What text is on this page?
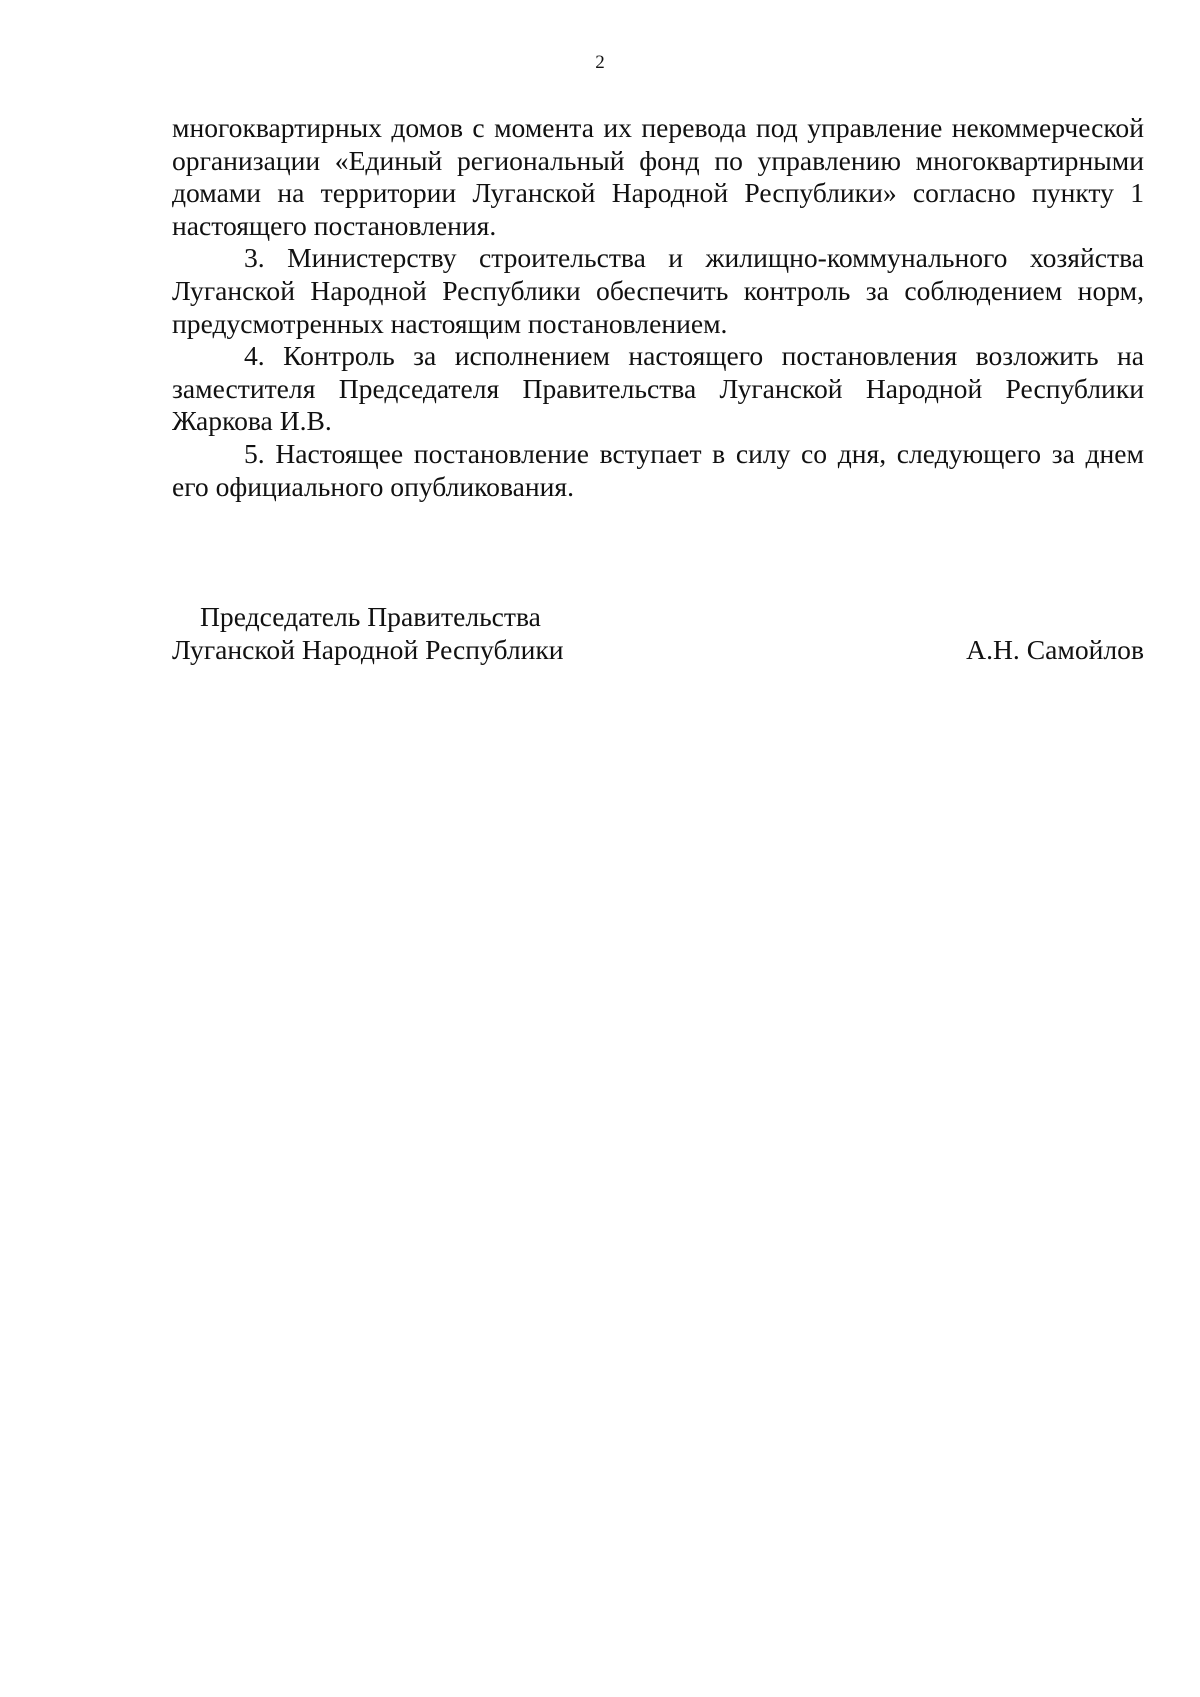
2

многоквартирных домов с момента их перевода под управление некоммерческой организации «Единый региональный фонд по управлению многоквартирными домами на территории Луганской Народной Республики» согласно пункту 1 настоящего постановления.

3. Министерству строительства и жилищно-коммунального хозяйства Луганской Народной Республики обеспечить контроль за соблюдением норм, предусмотренных настоящим постановлением.

4. Контроль за исполнением настоящего постановления возложить на заместителя Председателя Правительства Луганской Народной Республики Жаркова И.В.

5. Настоящее постановление вступает в силу со дня, следующего за днем его официального опубликования.

Председатель Правительства
Луганской Народной Республики	А.Н. Самойлов
